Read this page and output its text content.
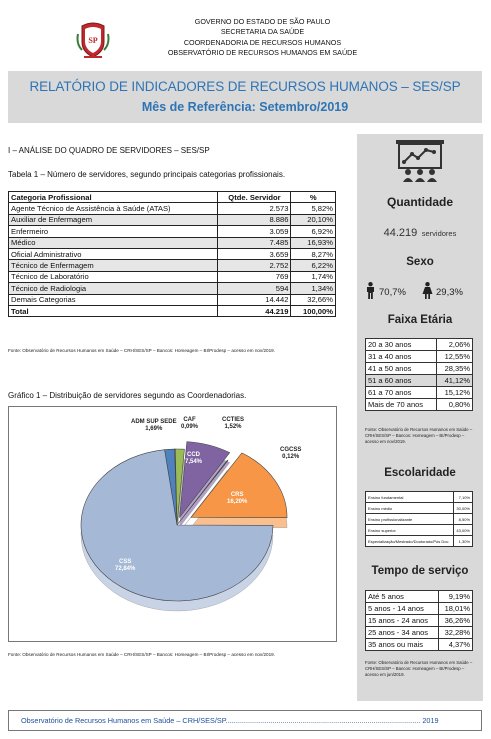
SP
GOVERNO DO ESTADO DE SÃO PAULO
SECRETARIA DA SAÚDE
COORDENADORIA DE RECURSOS HUMANOS
OBSERVATÓRIO DE RECURSOS HUMANOS EM SAÚDE
RELATÓRIO DE INDICADORES DE RECURSOS HUMANOS – SES/SP
Mês de Referência: Setembro/2019
I – ANÁLISE DO QUADRO DE SERVIDORES – SES/SP
Tabela 1 – Número de servidores, segundo principais categorias profissionais.
Categoria Profissional	Qtde. Servidor	%
Agente Técnico de Assistência à Saúde (ATAS)	2.573	5,82%
Auxiliar de Enfermagem	8.886	20,10%
Enfermeiro	3.059	6,92%
Médico	7.485	16,93%
Oficial Administrativo	3.659	8,27%
Técnico de Enfermagem	2.752	6,22%
Técnico de Laboratório	769	1,74%
Técnico de Radiologia	594	1,34%
Demais Categorias	14.442	32,66%
Total	44.219	100,00%
Fonte: Observatório de Recursos Humanos em Saúde – CRH/SES/SP – Bancos: Homeagem – BI/Prodesp – acesso em nov/2019.
Gráfico 1 – Distribuição de servidores segundo as Coordenadorias.
ADM SUP SEDE
1,69%
CAF
0,09%
CCTIES
1,52%
CCD
7,54%
CGCSS
0,12%
CRS
16,20%
CSS
72,84%
Fonte: Observatório de Recursos Humanos em Saúde – CRH/SES/SP – Bancos: Homeagem – BI/Prodesp – acesso em nov/2019.
Quantidade
44.219 servidores
Sexo
70,7%	29,3%
Faixa Etária
20 a 30 anos	2,06%
31 a 40 anos	12,55%
41 a 50 anos	28,35%
51 a 60 anos	41,12%
61 a 70 anos	15,12%
Mais de 70 anos	0,80%
Fonte: Observatório de Recursos Humanos em Saúde – CRH/SES/SP – Bancos: Homeagem – BI/Prodesp – acesso em nov/2019.
Escolaridade
Ensino fundamental	7,10%
Ensino médio	30,00%
Ensino profissionalizante	8,50%
Ensino superior	43,00%
Especialização/Mestrado/Doutorado/Pós Doc	1,30%
Tempo de serviço
Até 5 anos	9,19%
5 anos - 14 anos	18,01%
15 anos - 24 anos	36,26%
25 anos - 34 anos	32,28%
35 anos ou mais	4,37%
Fonte: Observatório de Recursos Humanos em Saúde – CRH/SES/SP – Bancos: Homeagem – BI/Prodesp – acesso em jun/2019.
Observatório de Recursos Humanos em Saúde – CRH/SES/SP................................................................................................ 2019
